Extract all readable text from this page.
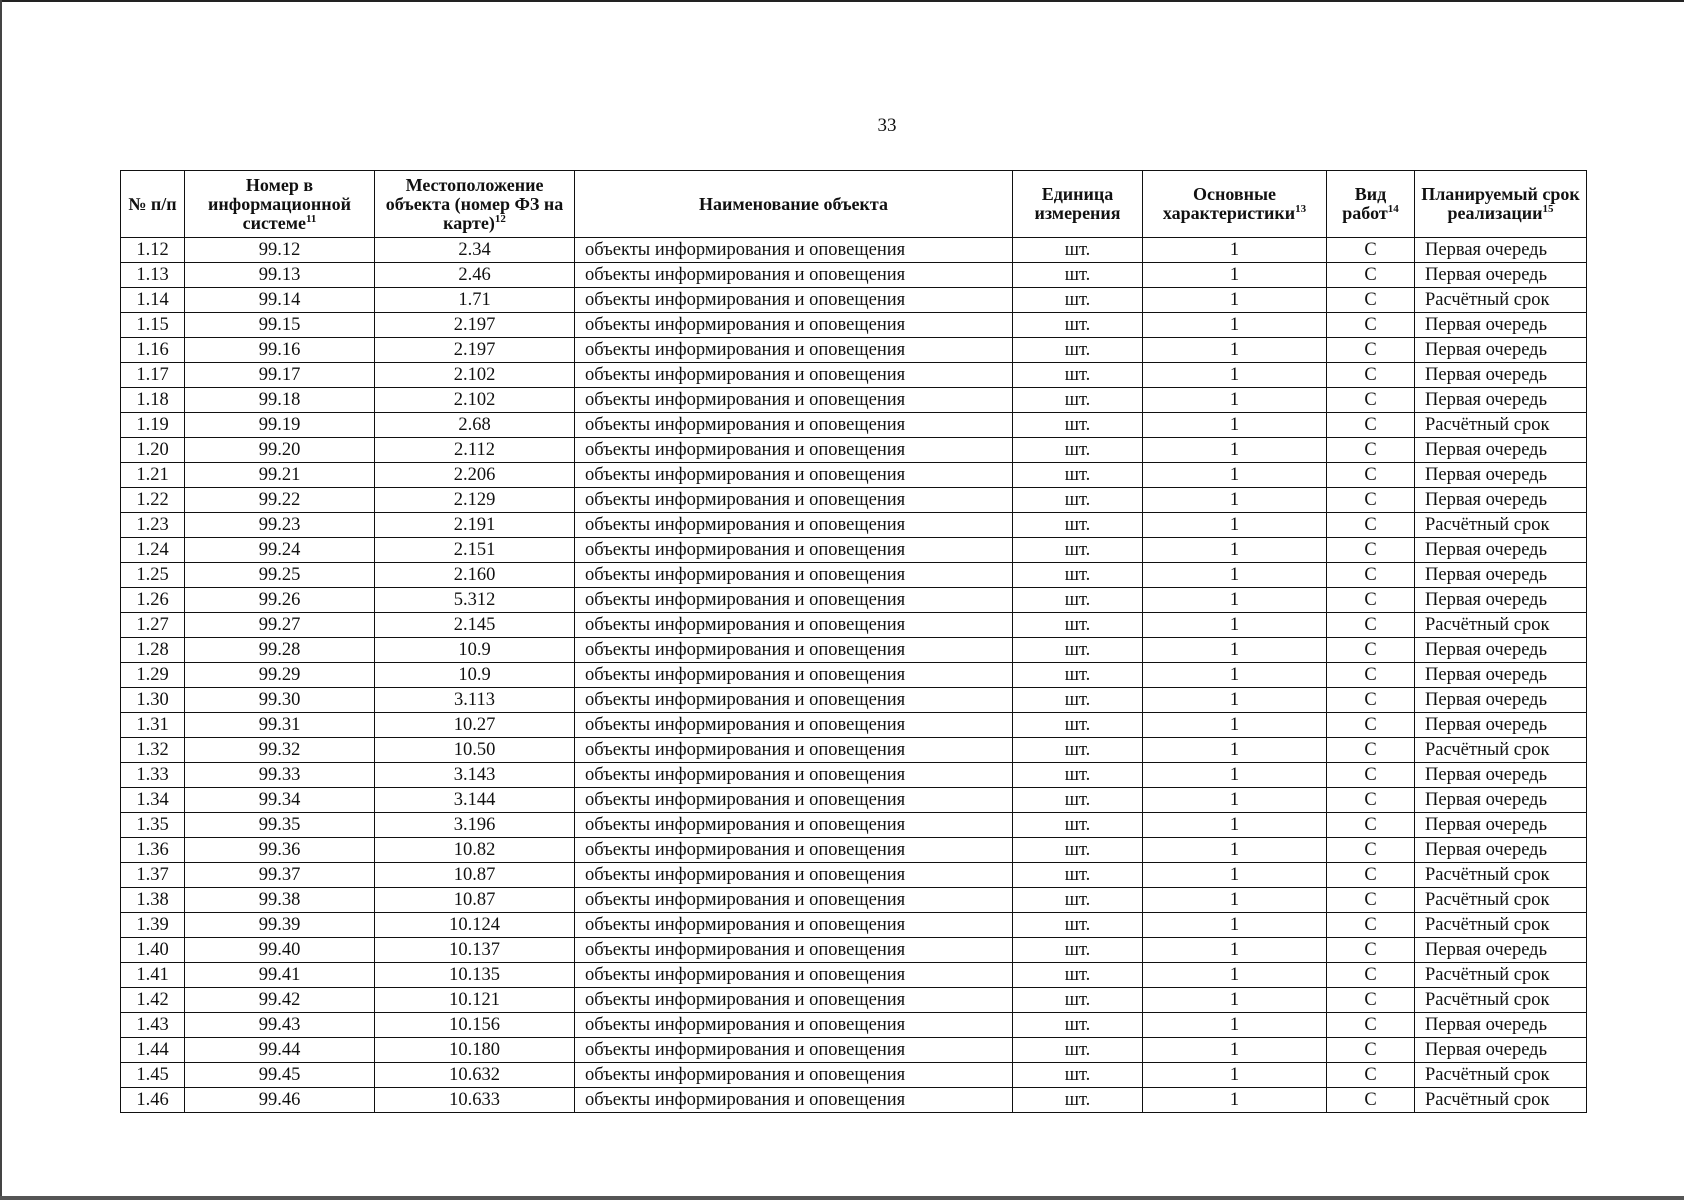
33
№ п/п	Номер в информационной системе$^{11}$	Местоположение объекта (номер ФЗ на карте)$^{12}$	Наименование объекта	Единица измерения	Основные характеристики$^{13}$	Вид работ$^{14}$	Планируемый срок реализации$^{15}$
1.12	99.12	2.34	объекты информирования и оповещения	шт.	1	С	Первая очередь
1.13	99.13	2.46	объекты информирования и оповещения	шт.	1	С	Первая очередь
1.14	99.14	1.71	объекты информирования и оповещения	шт.	1	С	Расчётный срок
1.15	99.15	2.197	объекты информирования и оповещения	шт.	1	С	Первая очередь
1.16	99.16	2.197	объекты информирования и оповещения	шт.	1	С	Первая очередь
1.17	99.17	2.102	объекты информирования и оповещения	шт.	1	С	Первая очередь
1.18	99.18	2.102	объекты информирования и оповещения	шт.	1	С	Первая очередь
1.19	99.19	2.68	объекты информирования и оповещения	шт.	1	С	Расчётный срок
1.20	99.20	2.112	объекты информирования и оповещения	шт.	1	С	Первая очередь
1.21	99.21	2.206	объекты информирования и оповещения	шт.	1	С	Первая очередь
1.22	99.22	2.129	объекты информирования и оповещения	шт.	1	С	Первая очередь
1.23	99.23	2.191	объекты информирования и оповещения	шт.	1	С	Расчётный срок
1.24	99.24	2.151	объекты информирования и оповещения	шт.	1	С	Первая очередь
1.25	99.25	2.160	объекты информирования и оповещения	шт.	1	С	Первая очередь
1.26	99.26	5.312	объекты информирования и оповещения	шт.	1	С	Первая очередь
1.27	99.27	2.145	объекты информирования и оповещения	шт.	1	С	Расчётный срок
1.28	99.28	10.9	объекты информирования и оповещения	шт.	1	С	Первая очередь
1.29	99.29	10.9	объекты информирования и оповещения	шт.	1	С	Первая очередь
1.30	99.30	3.113	объекты информирования и оповещения	шт.	1	С	Первая очередь
1.31	99.31	10.27	объекты информирования и оповещения	шт.	1	С	Первая очередь
1.32	99.32	10.50	объекты информирования и оповещения	шт.	1	С	Расчётный срок
1.33	99.33	3.143	объекты информирования и оповещения	шт.	1	С	Первая очередь
1.34	99.34	3.144	объекты информирования и оповещения	шт.	1	С	Первая очередь
1.35	99.35	3.196	объекты информирования и оповещения	шт.	1	С	Первая очередь
1.36	99.36	10.82	объекты информирования и оповещения	шт.	1	С	Первая очередь
1.37	99.37	10.87	объекты информирования и оповещения	шт.	1	С	Расчётный срок
1.38	99.38	10.87	объекты информирования и оповещения	шт.	1	С	Расчётный срок
1.39	99.39	10.124	объекты информирования и оповещения	шт.	1	С	Расчётный срок
1.40	99.40	10.137	объекты информирования и оповещения	шт.	1	С	Первая очередь
1.41	99.41	10.135	объекты информирования и оповещения	шт.	1	С	Расчётный срок
1.42	99.42	10.121	объекты информирования и оповещения	шт.	1	С	Расчётный срок
1.43	99.43	10.156	объекты информирования и оповещения	шт.	1	С	Первая очередь
1.44	99.44	10.180	объекты информирования и оповещения	шт.	1	С	Первая очередь
1.45	99.45	10.632	объекты информирования и оповещения	шт.	1	С	Расчётный срок
1.46	99.46	10.633	объекты информирования и оповещения	шт.	1	С	Расчётный срок
